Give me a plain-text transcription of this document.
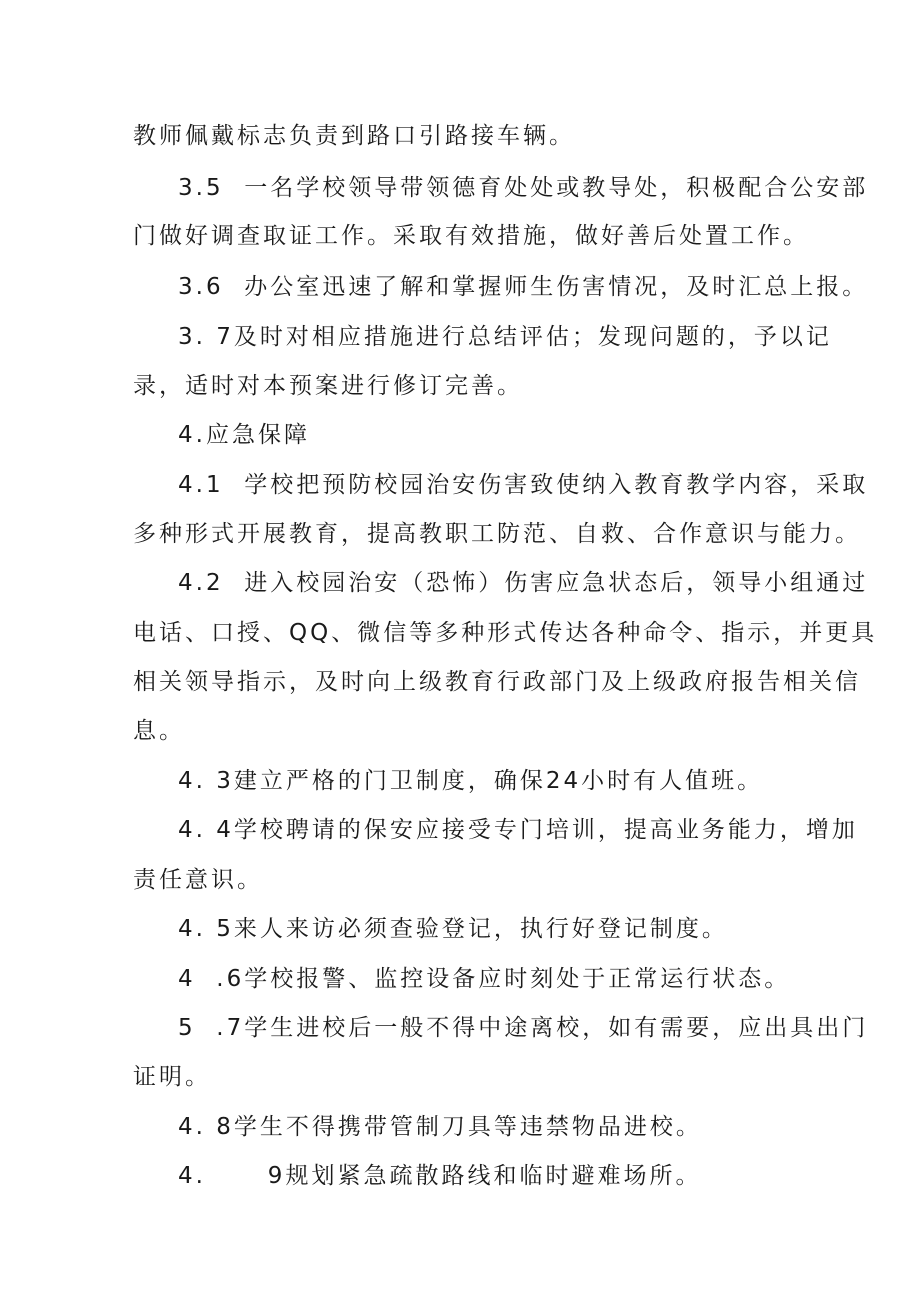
教师佩戴标志负责到路口引路接车辆。
3.5  一名学校领导带领德育处处或教导处，积极配合公安部
门做好调查取证工作。采取有效措施，做好善后处置工作。
3.6  办公室迅速了解和掌握师生伤害情况，及时汇总上报。
3. 7及时对相应措施进行总结评估；发现问题的，予以记
录，适时对本预案进行修订完善。
4.应急保障
4.1  学校把预防校园治安伤害致使纳入教育教学内容，采取
多种形式开展教育，提高教职工防范、自救、合作意识与能力。
4.2  进入校园治安（恐怖）伤害应急状态后，领导小组通过
电话、口授、QQ、微信等多种形式传达各种命令、指示，并更具
相关领导指示，及时向上级教育行政部门及上级政府报告相关信
息。
4. 3建立严格的门卫制度，确保24小时有人值班。
4. 4学校聘请的保安应接受专门培训，提高业务能力，增加
责任意识。
4. 5来人来访必须查验登记，执行好登记制度。
4  .6学校报警、监控设备应时刻处于正常运行状态。
5  .7学生进校后一般不得中途离校，如有需要，应出具出门
证明。
4. 8学生不得携带管制刀具等违禁物品进校。
4.      9规划紧急疏散路线和临时避难场所。
